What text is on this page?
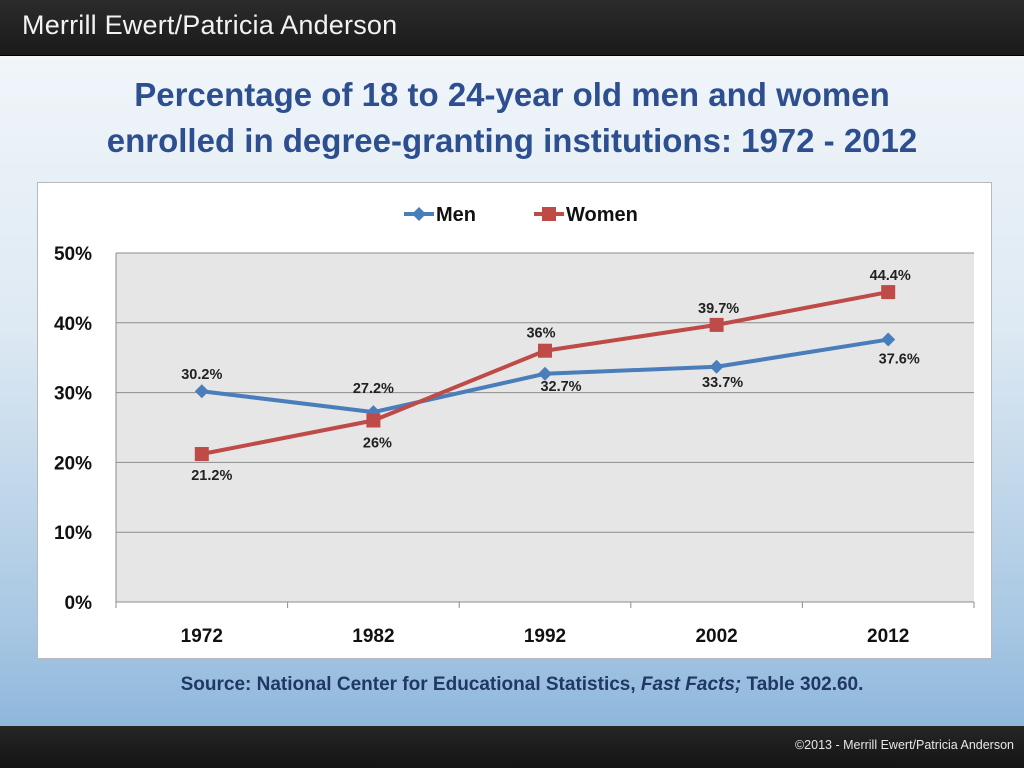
Merrill Ewert/Patricia Anderson
Percentage of 18 to 24-year old men and women
enrolled in degree-granting institutions: 1972 - 2012
0%
10%
20%
30%
40%
50%
1972	1982	1992	2002	2012
30.2%
27.2%	32.7%	33.7%
37.6%
21.2%
26%
36%
39.7%
44.4%
Men	Women
Source: National Center for Educational Statistics, Fast Facts; Table 302.60.
©2013 - Merrill Ewert/Patricia Anderson
